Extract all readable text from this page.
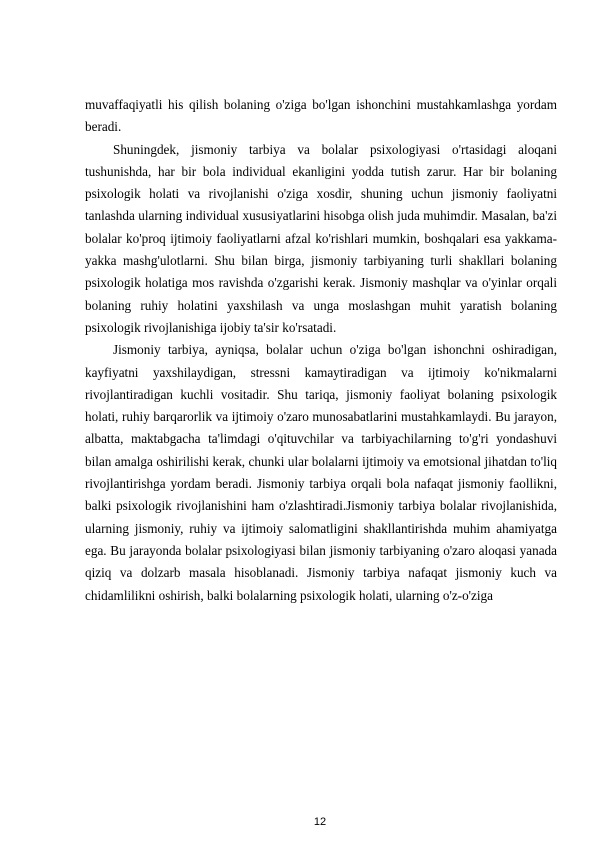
muvaffaqiyatli his qilish bolaning o'ziga bo'lgan ishonchini mustahkamlashga yordam beradi.

Shuningdek, jismoniy tarbiya va bolalar psixologiyasi o'rtasidagi aloqani tushunishda, har bir bola individual ekanligini yodda tutish zarur. Har bir bolaning psixologik holati va rivojlanishi o'ziga xosdir, shuning uchun jismoniy faoliyatni tanlashda ularning individual xususiyatlarini hisobga olish juda muhimdir. Masalan, ba'zi bolalar ko'proq ijtimoiy faoliyatlarni afzal ko'rishlari mumkin, boshqalari esa yakkama-yakka mashg'ulotlarni. Shu bilan birga, jismoniy tarbiyaning turli shakllari bolaning psixologik holatiga mos ravishda o'zgarishi kerak. Jismoniy mashqlar va o'yinlar orqali bolaning ruhiy holatini yaxshilash va unga moslashgan muhit yaratish bolaning psixologik rivojlanishiga ijobiy ta'sir ko'rsatadi.

Jismoniy tarbiya, ayniqsa, bolalar uchun o'ziga bo'lgan ishonchni oshiradigan, kayfiyatni yaxshilaydigan, stressni kamaytiradigan va ijtimoiy ko'nikmalarni rivojlantiradigan kuchli vositadir. Shu tariqa, jismoniy faoliyat bolaning psixologik holati, ruhiy barqarorlik va ijtimoiy o'zaro munosabatlarini mustahkamlaydi. Bu jarayon, albatta, maktabgacha ta'limdagi o'qituvchilar va tarbiyachilarning to'g'ri yondashuvi bilan amalga oshirilishi kerak, chunki ular bolalarni ijtimoiy va emotsional jihatdan to'liq rivojlantirishga yordam beradi. Jismoniy tarbiya orqali bola nafaqat jismoniy faollikni, balki psixologik rivojlanishini ham o'zlashtiradi.Jismoniy tarbiya bolalar rivojlanishida, ularning jismoniy, ruhiy va ijtimoiy salomatligini shakllantirishda muhim ahamiyatga ega. Bu jarayonda bolalar psixologiyasi bilan jismoniy tarbiyaning o'zaro aloqasi yanada qiziq va dolzarb masala hisoblanadi. Jismoniy tarbiya nafaqat jismoniy kuch va chidamlilikni oshirish, balki bolalarning psixologik holati, ularning o'z-o'ziga

12
